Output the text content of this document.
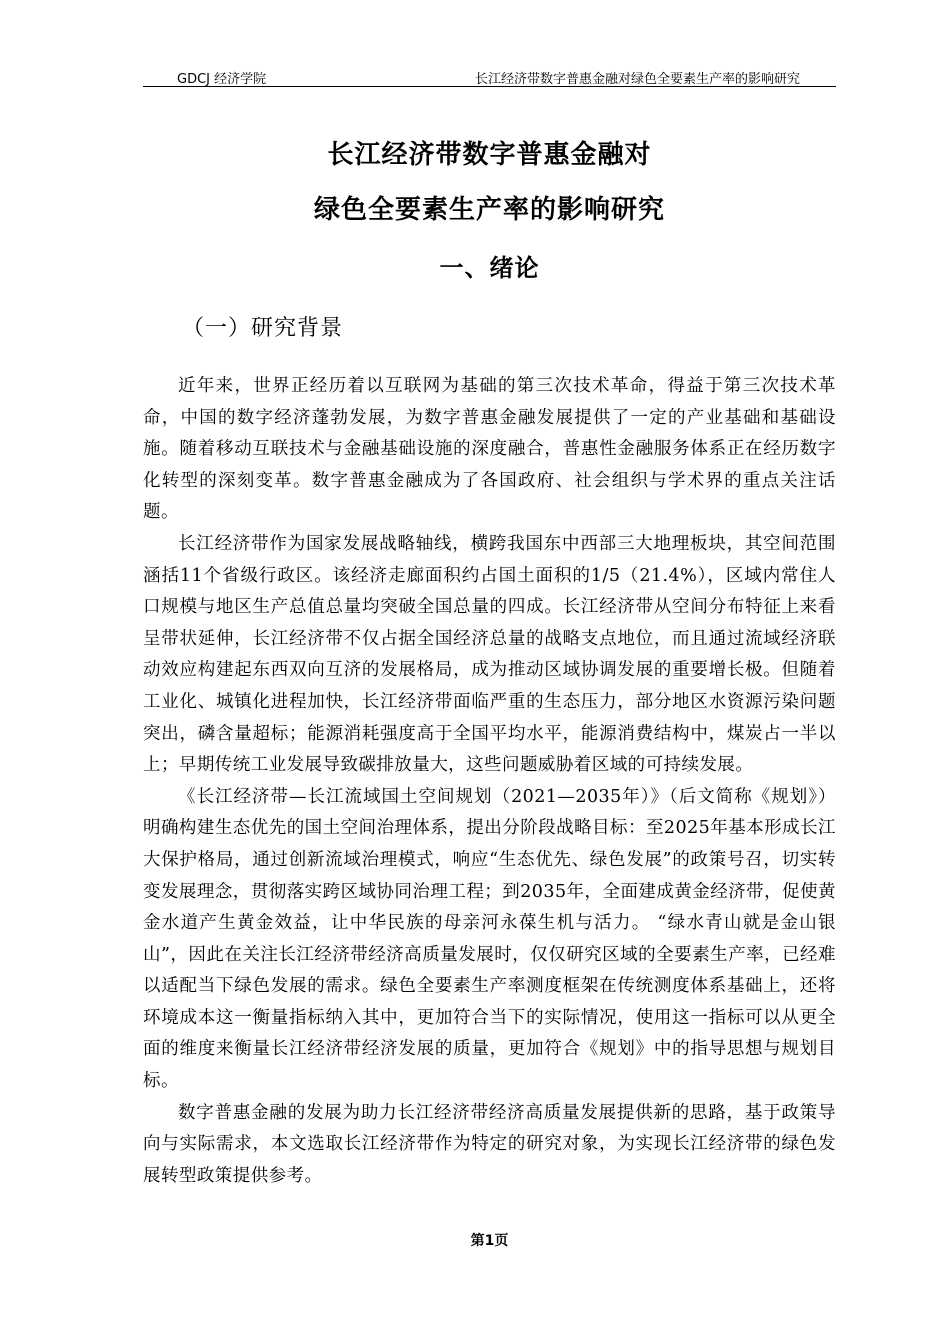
GDCJ 经济学院	长江经济带数字普惠金融对绿色全要素生产率的影响研究
长江经济带数字普惠金融对
绿色全要素生产率的影响研究
一、绪论
（一）研究背景

近年来，世界正经历着以互联网为基础的第三次技术革命，得益于第三次技术革命，中国的数字经济蓬勃发展，为数字普惠金融发展提供了一定的产业基础和基础设施。随着移动互联技术与金融基础设施的深度融合，普惠性金融服务体系正在经历数字化转型的深刻变革。数字普惠金融成为了各国政府、社会组织与学术界的重点关注话题。

长江经济带作为国家发展战略轴线，横跨我国东中西部三大地理板块，其空间范围涵括11个省级行政区。该经济走廊面积约占国土面积的1/5（21.4%），区域内常住人口规模与地区生产总值总量均突破全国总量的四成。长江经济带从空间分布特征上来看呈带状延伸，长江经济带不仅占据全国经济总量的战略支点地位，而且通过流域经济联动效应构建起东西双向互济的发展格局，成为推动区域协调发展的重要增长极。但随着工业化、城镇化进程加快，长江经济带面临严重的生态压力，部分地区水资源污染问题突出，磷含量超标；能源消耗强度高于全国平均水平，能源消费结构中，煤炭占一半以上；早期传统工业发展导致碳排放量大，这些问题威胁着区域的可持续发展。

《长江经济带—长江流域国土空间规划（2021—2035年）》（后文简称《规划》）明确构建生态优先的国土空间治理体系，提出分阶段战略目标：至2025年基本形成长江大保护格局，通过创新流域治理模式，响应“生态优先、绿色发展”的政策号召，切实转变发展理念，贯彻落实跨区域协同治理工程；到2035年，全面建成黄金经济带，促使黄金水道产生黄金效益，让中华民族的母亲河永葆生机与活力。 “绿水青山就是金山银山”，因此在关注长江经济带经济高质量发展时，仅仅研究区域的全要素生产率，已经难以适配当下绿色发展的需求。绿色全要素生产率测度框架在传统测度体系基础上，还将环境成本这一衡量指标纳入其中，更加符合当下的实际情况，使用这一指标可以从更全面的维度来衡量长江经济带经济发展的质量，更加符合《规划》中的指导思想与规划目标。

数字普惠金融的发展为助力长江经济带经济高质量发展提供新的思路，基于政策导向与实际需求，本文选取长江经济带作为特定的研究对象，为实现长江经济带的绿色发展转型政策提供参考。

第1页
